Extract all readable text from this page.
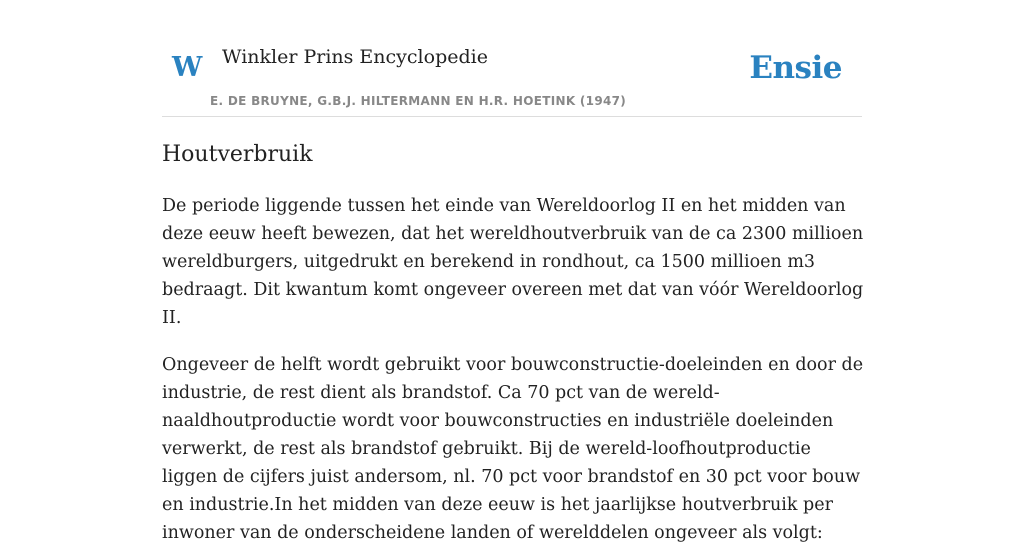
W Winkler Prins Encyclopedie
E. DE BRUYNE, G.B.J. HILTERMANN EN H.R. HOETINK (1947)
Ensie
Houtverbruik

De periode liggende tussen het einde van Wereldoorlog II en het midden van deze eeuw heeft bewezen, dat het wereldhoutverbruik van de ca 2300 millioen wereldburgers, uitgedrukt en berekend in rondhout, ca 1500 millioen m3 bedraagt. Dit kwantum komt ongeveer overeen met dat van vóór Wereldoorlog II.

Ongeveer de helft wordt gebruikt voor bouwconstructie-doeleinden en door de industrie, de rest dient als brandstof. Ca 70 pct van de wereld-naaldhoutproductie wordt voor bouwconstructies en industriële doeleinden verwerkt, de rest als brandstof gebruikt. Bij de wereld-loofhoutproductie liggen de cijfers juist andersom, nl. 70 pct voor brandstof en 30 pct voor bouw en industrie.In het midden van deze eeuw is het jaarlijkse houtverbruik per inwoner van de onderscheidene landen of werelddelen ongeveer als volgt:
